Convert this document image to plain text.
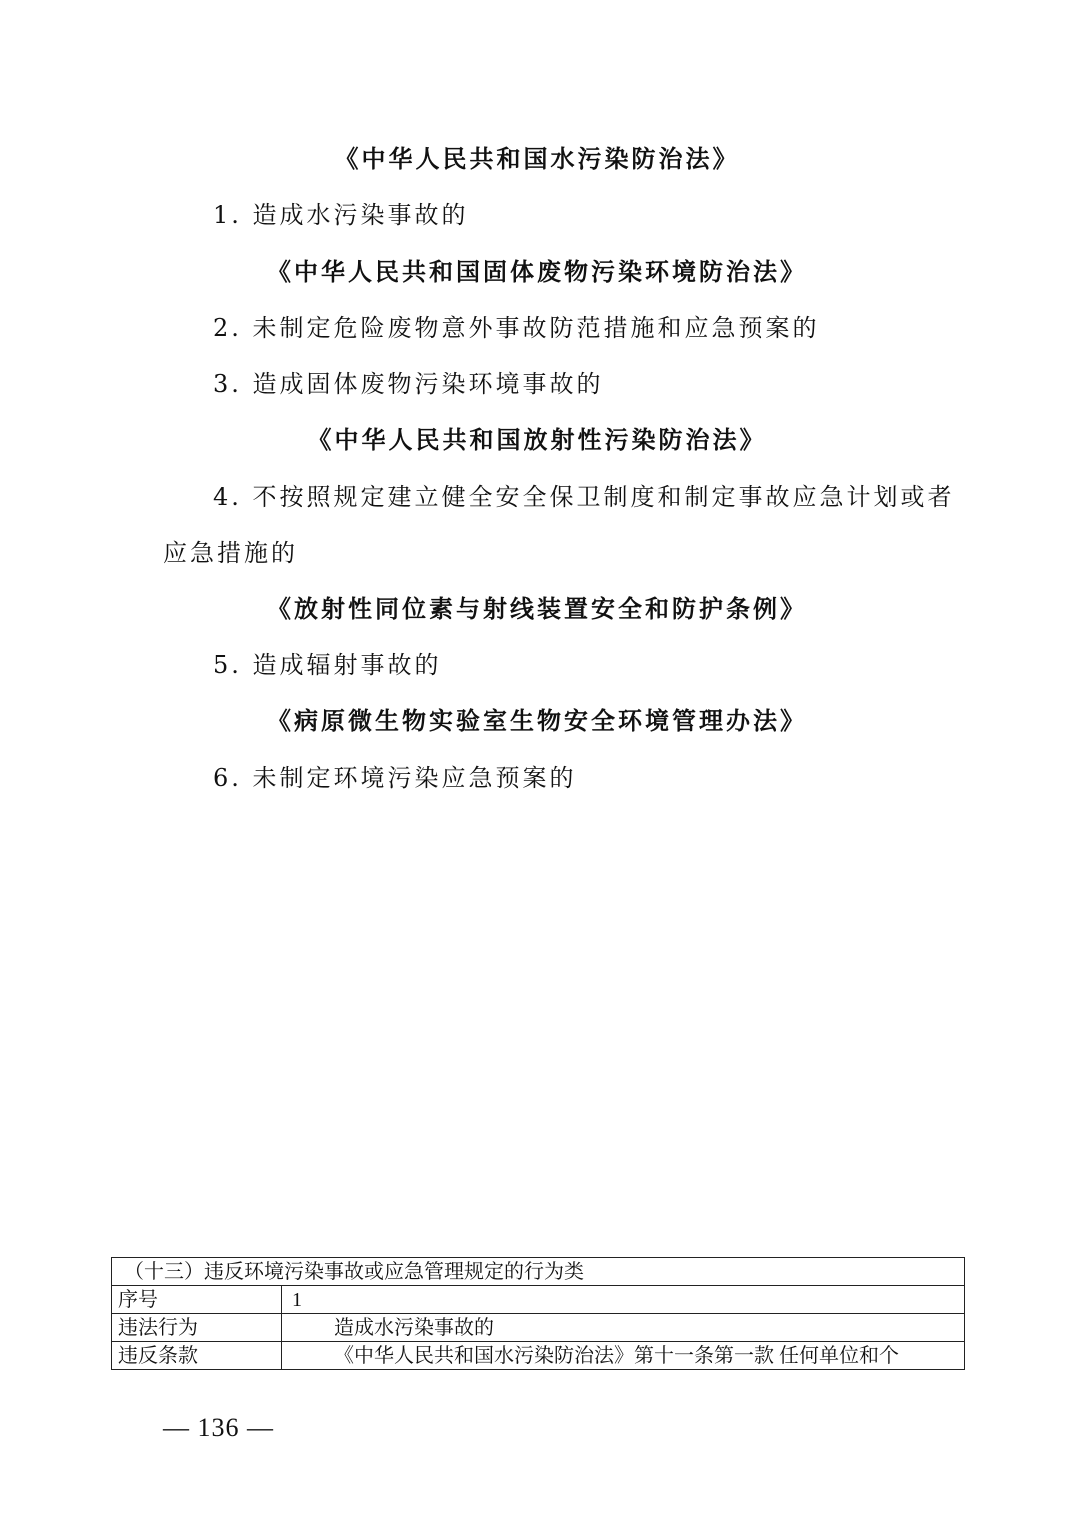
《中华人民共和国水污染防治法》
1. 造成水污染事故的
《中华人民共和国固体废物污染环境防治法》
2. 未制定危险废物意外事故防范措施和应急预案的
3. 造成固体废物污染环境事故的
《中华人民共和国放射性污染防治法》
4. 不按照规定建立健全安全保卫制度和制定事故应急计划或者
应急措施的
《放射性同位素与射线装置安全和防护条例》
5. 造成辐射事故的
《病原微生物实验室生物安全环境管理办法》
6. 未制定环境污染应急预案的
（十三）违反环境污染事故或应急管理规定的行为类	
序号	1
违法行为	造成水污染事故的
违反条款	《中华人民共和国水污染防治法》第十一条第一款 任何单位和个
— 136 —
